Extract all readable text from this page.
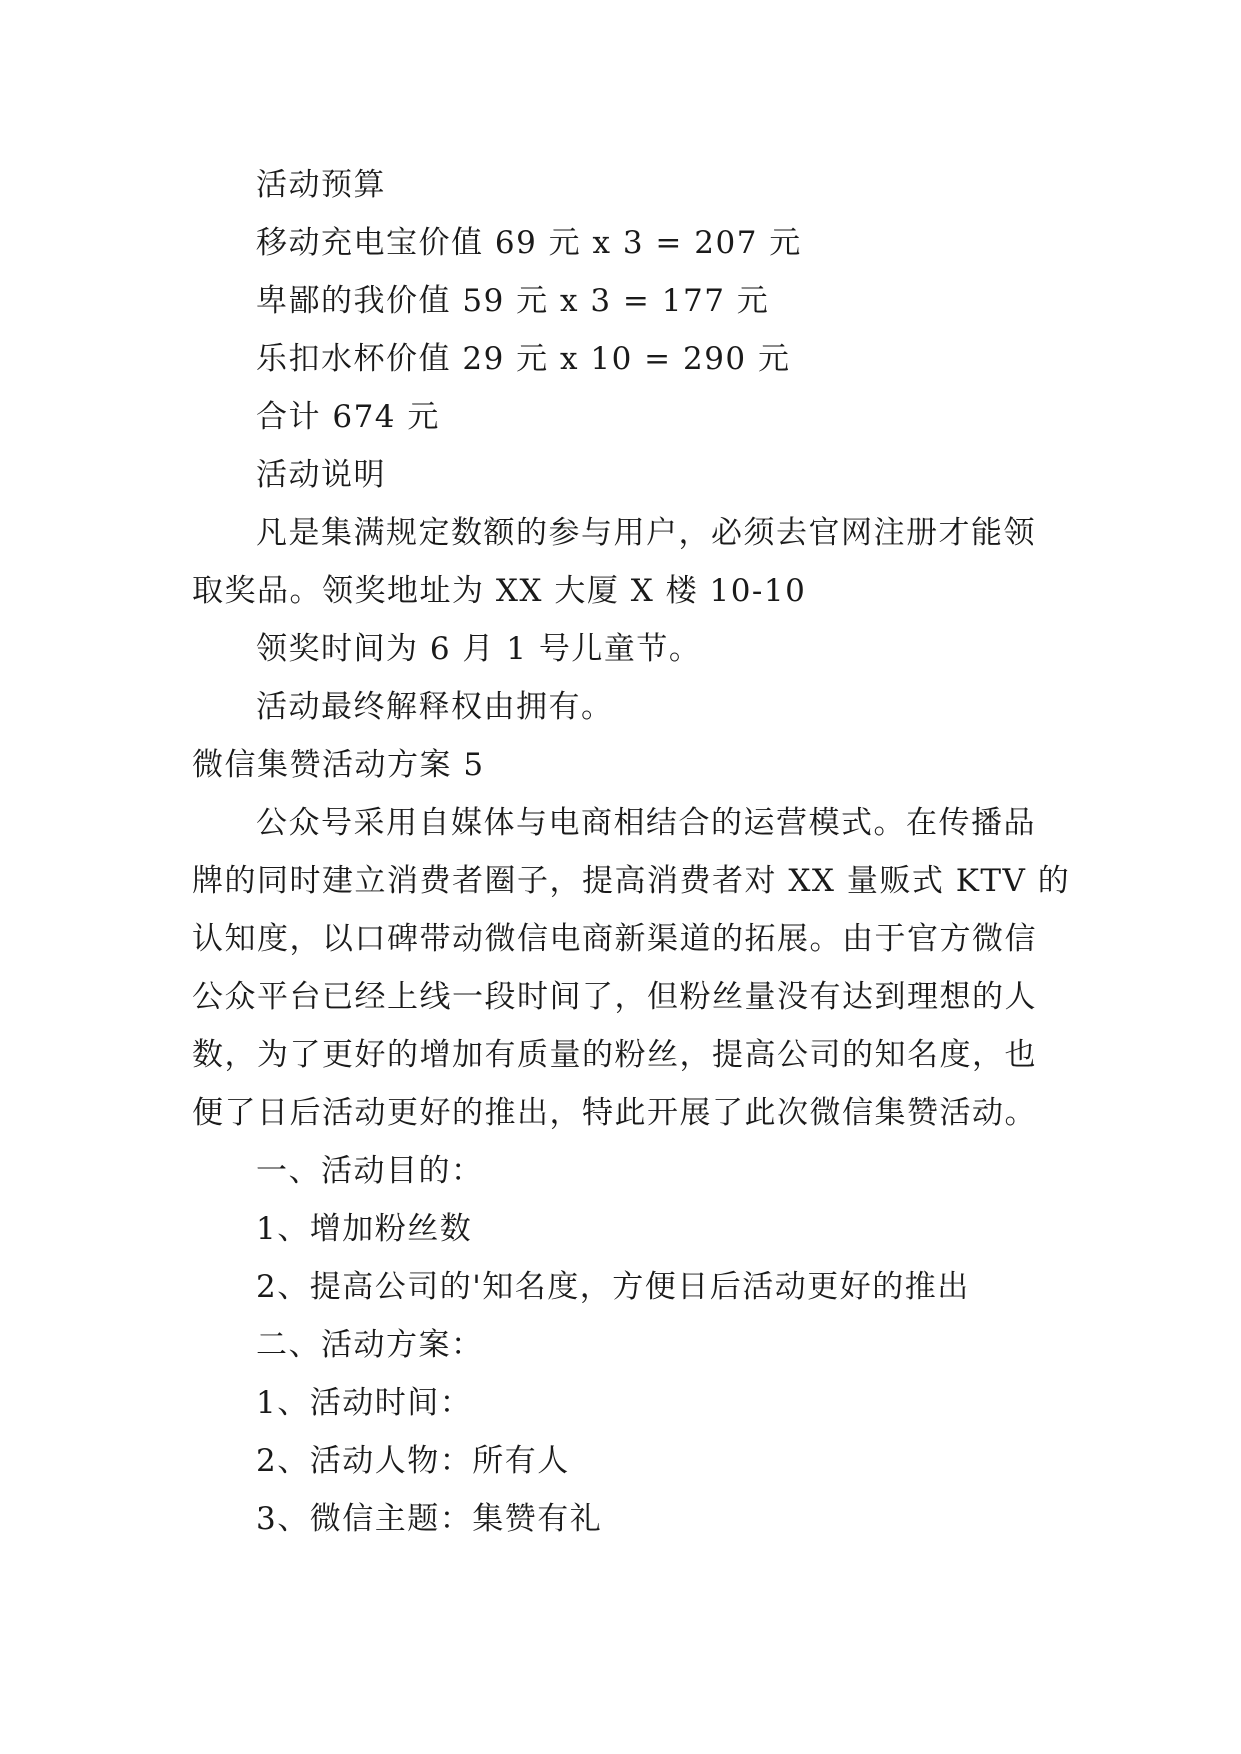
活动预算
移动充电宝价值 69 元 x 3 = 207 元
卑鄙的我价值 59 元 x 3 = 177 元
乐扣水杯价值 29 元 x 10 = 290 元
合计 674 元
活动说明
凡是集满规定数额的参与用户，必须去官网注册才能领
取奖品。领奖地址为 XX 大厦 X 楼 10-10
领奖时间为 6 月 1 号儿童节。
活动最终解释权由拥有。
微信集赞活动方案 5
公众号采用自媒体与电商相结合的运营模式。在传播品
牌的同时建立消费者圈子，提高消费者对 XX 量贩式 KTV 的
认知度，以口碑带动微信电商新渠道的拓展。由于官方微信
公众平台已经上线一段时间了，但粉丝量没有达到理想的人
数，为了更好的增加有质量的粉丝，提高公司的知名度，也
便了日后活动更好的推出，特此开展了此次微信集赞活动。
一、活动目的：
1、增加粉丝数
2、提高公司的'知名度，方便日后活动更好的推出
二、活动方案：
1、活动时间：
2、活动人物：所有人
3、微信主题：集赞有礼
